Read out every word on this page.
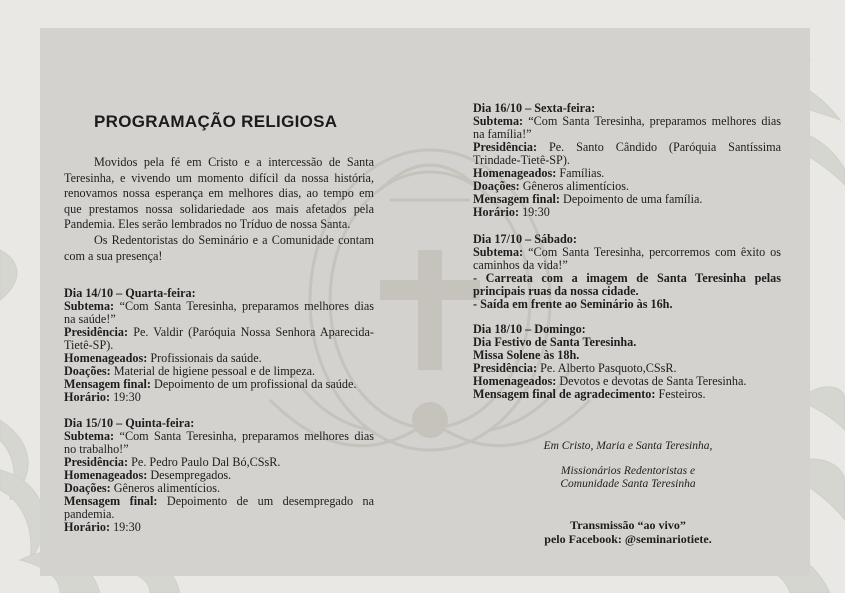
PROGRAMAÇÃO RELIGIOSA

Movidos pela fé em Cristo e a intercessão de Santa Teresinha, e vivendo um momento difícil da nossa história, renovamos nossa esperança em melhores dias, ao tempo em que prestamos nossa solidariedade aos mais afetados pela Pandemia. Eles serão lembrados no Tríduo de nossa Santa.

Os Redentoristas do Seminário e a Comunidade contam com a sua presença!

Dia 14/10 – Quarta-feira:
Subtema: “Com Santa Teresinha, preparamos melhores dias na saúde!”
Presidência: Pe. Valdir (Paróquia Nossa Senhora Aparecida-Tietê-SP).
Homenageados: Profissionais da saúde.
Doações: Material de higiene pessoal e de limpeza.
Mensagem final: Depoimento de um profissional da saúde.
Horário: 19:30
Dia 15/10 – Quinta-feira:
Subtema: “Com Santa Teresinha, preparamos melhores dias no trabalho!”
Presidência: Pe. Pedro Paulo Dal Bó,CSsR.
Homenageados: Desempregados.
Doações: Gêneros alimentícios.
Mensagem final: Depoimento de um desempregado na pandemia.
Horário: 19:30
Dia 16/10 – Sexta-feira:
Subtema: “Com Santa Teresinha, preparamos melhores dias na família!”
Presidência: Pe. Santo Cândido (Paróquia Santíssima Trindade-Tietê-SP).
Homenageados: Famílias.
Doações: Gêneros alimentícios.
Mensagem final: Depoimento de uma família.
Horário: 19:30
Dia 17/10 – Sábado:
Subtema: “Com Santa Teresinha, percorremos com êxito os caminhos da vida!”
- Carreata com a imagem de Santa Teresinha pelas principais ruas da nossa cidade.
- Saída em frente ao Seminário às 16h.
Dia 18/10 – Domingo:
Dia Festivo de Santa Teresinha.
Missa Solene às 18h.
Presidência: Pe. Alberto Pasquoto,CSsR.
Homenageados: Devotos e devotas de Santa Teresinha.
Mensagem final de agradecimento: Festeiros.
Em Cristo, Maria e Santa Teresinha,
Missionários Redentoristas e
Comunidade Santa Teresinha
Transmissão “ao vivo”
pelo Facebook: @seminariotiete.
